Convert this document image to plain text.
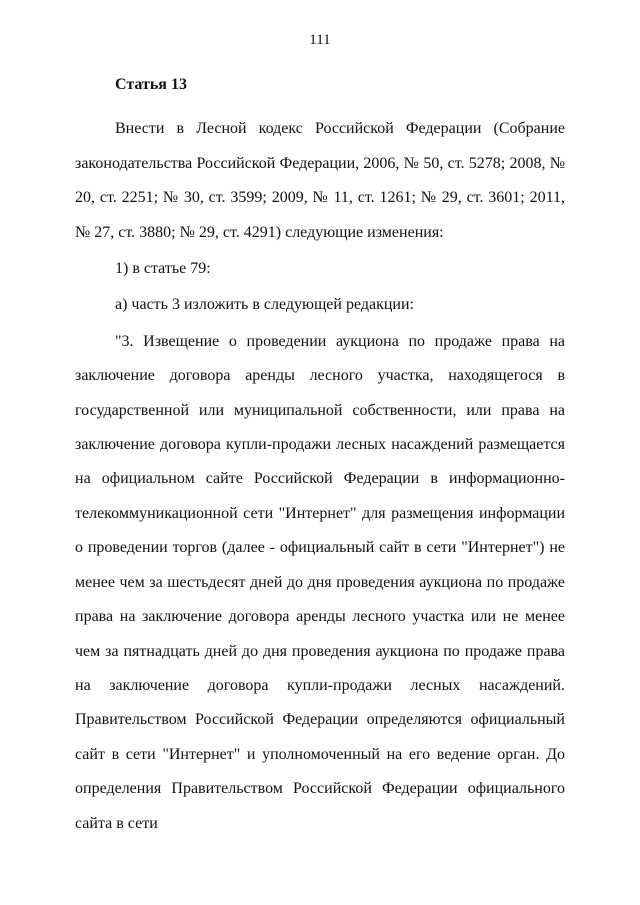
111
Статья 13

Внести в Лесной кодекс Российской Федерации (Собрание законодательства Российской Федерации, 2006, № 50, ст. 5278; 2008, № 20, ст. 2251; № 30, ст. 3599; 2009, № 11, ст. 1261; № 29, ст. 3601; 2011, № 27, ст. 3880; № 29, ст. 4291) следующие изменения:

1) в статье 79:

а) часть 3 изложить в следующей редакции:

"3. Извещение о проведении аукциона по продаже права на заключение договора аренды лесного участка, находящегося в государственной или муниципальной собственности, или права на заключение договора купли-продажи лесных насаждений размещается на официальном сайте Российской Федерации в информационно-телекоммуникационной сети "Интернет" для размещения информации о проведении торгов (далее - официальный сайт в сети "Интернет") не менее чем за шестьдесят дней до дня проведения аукциона по продаже права на заключение договора аренды лесного участка или не менее чем за пятнадцать дней до дня проведения аукциона по продаже права на заключение договора купли-продажи лесных насаждений. Правительством Российской Федерации определяются официальный сайт в сети "Интернет" и уполномоченный на его ведение орган. До определения Правительством Российской Федерации официального сайта в сети
